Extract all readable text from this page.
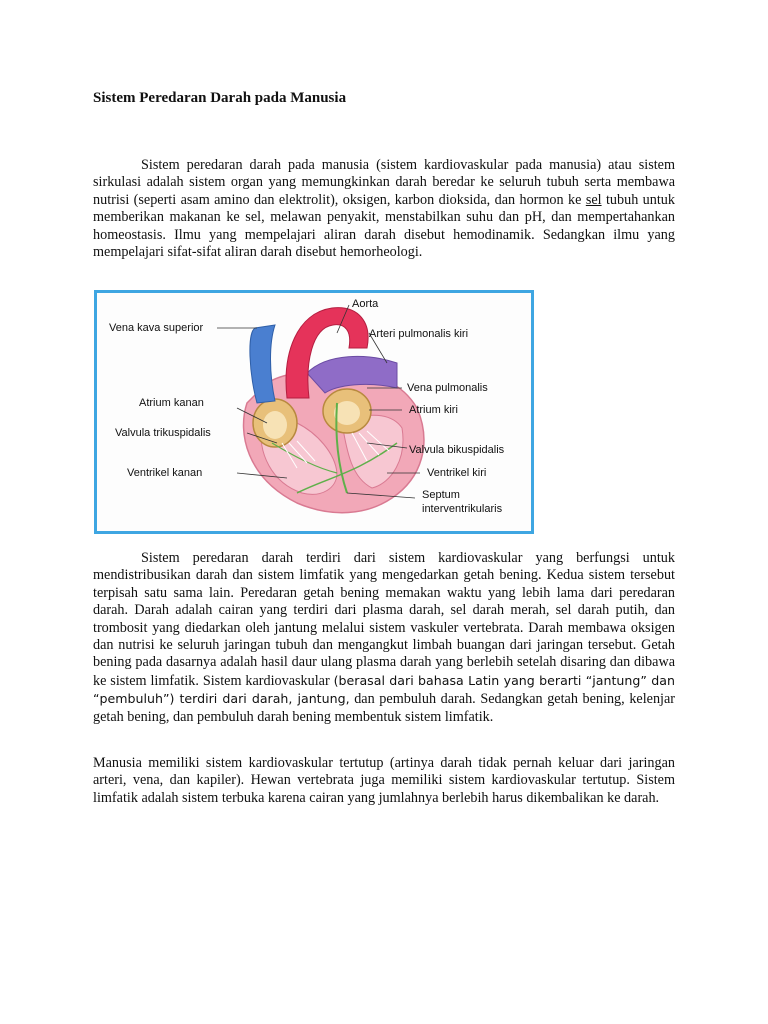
Sistem Peredaran Darah pada Manusia

Sistem peredaran darah pada manusia (sistem kardiovaskular pada manusia) atau sistem sirkulasi adalah sistem organ yang memungkinkan darah beredar ke seluruh tubuh serta membawa nutrisi (seperti asam amino dan elektrolit), oksigen, karbon dioksida, dan hormon ke sel tubuh untuk memberikan makanan ke sel, melawan penyakit, menstabilkan suhu dan pH, dan mempertahankan homeostasis. Ilmu yang mempelajari aliran darah disebut hemodinamik. Sedangkan ilmu yang mempelajari sifat-sifat aliran darah disebut hemorheologi.

Aorta
Vena kava superior	Arteri pulmonalis kiri
Vena pulmonalis
Atrium kanan
Atrium kiri
Valvula trikuspidalis
Valvula bikuspidalis
Ventrikel kanan	Ventrikel kiri
Septum
interventrikularis

Sistem peredaran darah terdiri dari sistem kardiovaskular yang berfungsi untuk mendistribusikan darah dan sistem limfatik yang mengedarkan getah bening. Kedua sistem tersebut terpisah satu sama lain. Peredaran getah bening memakan waktu yang lebih lama dari peredaran darah. Darah adalah cairan yang terdiri dari plasma darah, sel darah merah, sel darah putih, dan trombosit yang diedarkan oleh jantung melalui sistem vaskuler vertebrata. Darah membawa oksigen dan nutrisi ke seluruh jaringan tubuh dan mengangkut limbah buangan dari jaringan tersebut. Getah bening pada dasarnya adalah hasil daur ulang plasma darah yang berlebih setelah disaring dan dibawa ke sistem limfatik. Sistem kardiovaskular (berasal dari bahasa Latin yang berarti “jantung” dan “pembuluh”) terdiri dari darah, jantung, dan pembuluh darah. Sedangkan getah bening, kelenjar getah bening, dan pembuluh darah bening membentuk sistem limfatik.

Manusia memiliki sistem kardiovaskular tertutup (artinya darah tidak pernah keluar dari jaringan arteri, vena, dan kapiler). Hewan vertebrata juga memiliki sistem kardiovaskular tertutup. Sistem limfatik adalah sistem terbuka karena cairan yang jumlahnya berlebih harus dikembalikan ke darah.
